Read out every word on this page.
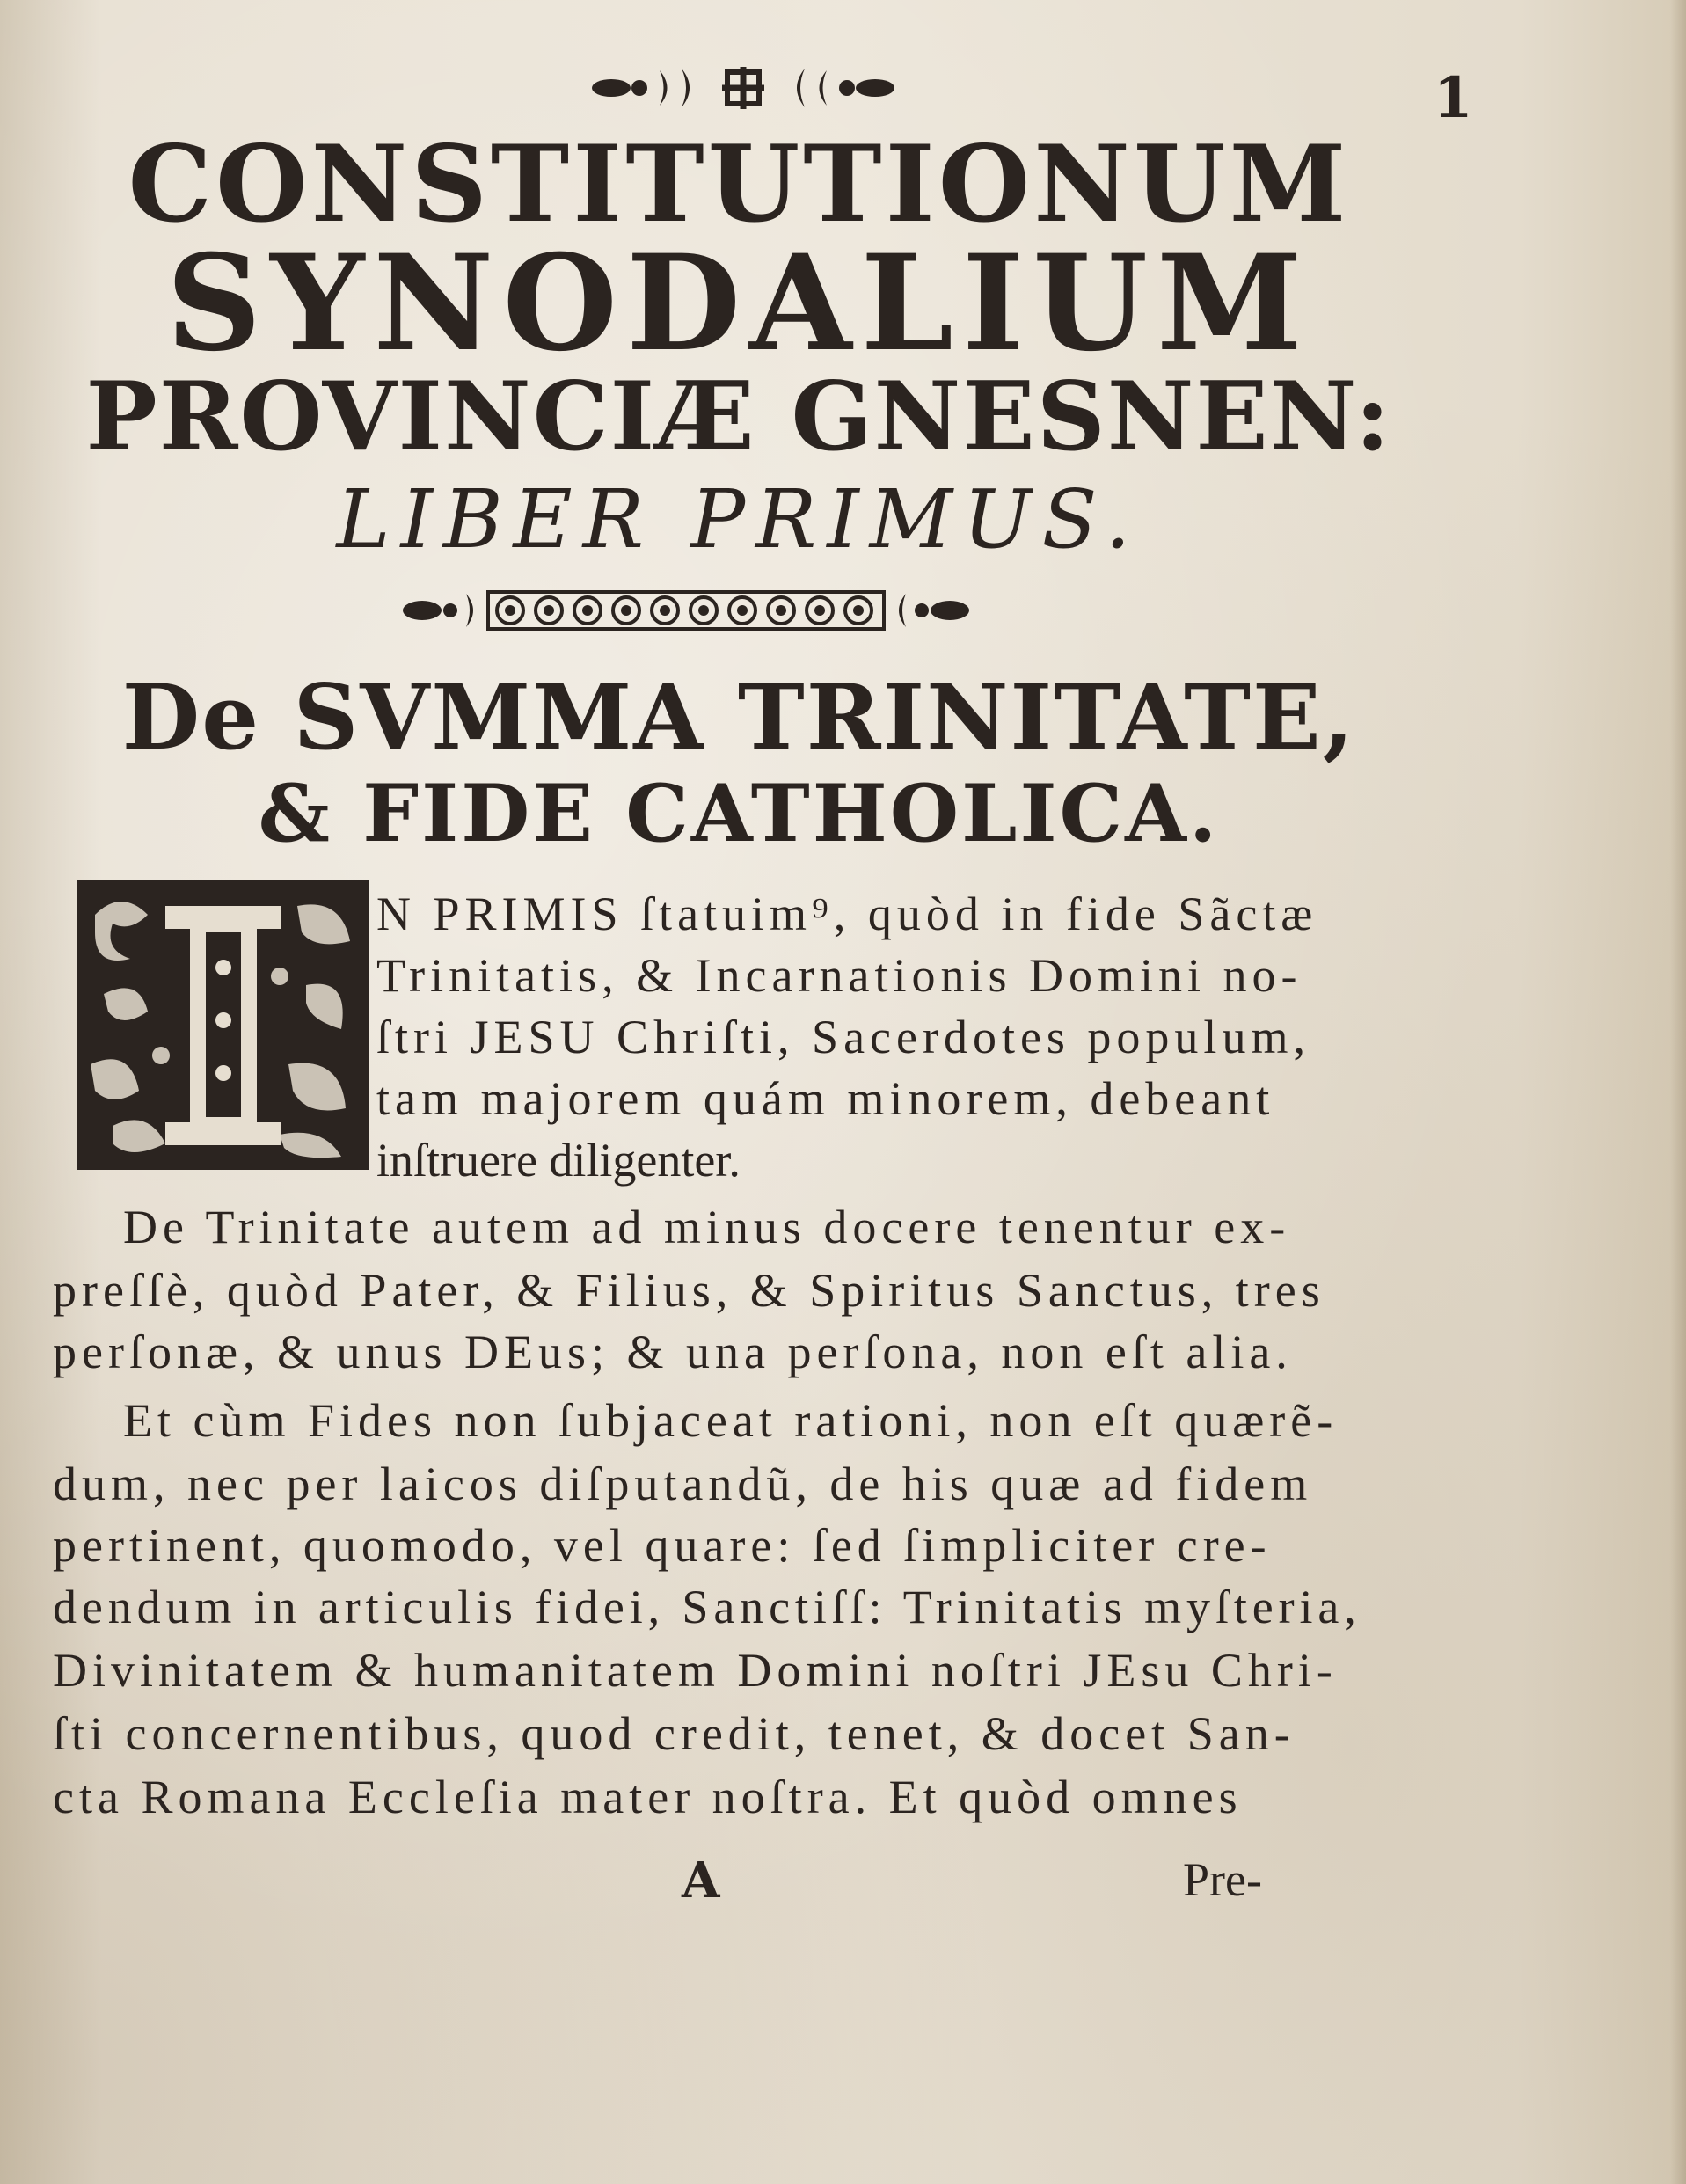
1
CONSTITUTIONUM
SYNODALIUM
PROVINCIÆ GNESNEN:
LIBER PRIMUS.
De SVMMA TRINITATE,
& FIDE CATHOLICA.
N PRIMIS ſtatuim⁹, quòd in fide Sãctæ
Trinitatis, & Incarnationis Domini no-
ſtri JESU Chriſti, Sacerdotes populum,
tam majorem quám minorem, debeant
inſtruere diligenter.
De Trinitate autem ad minus docere tenentur ex-
preſſè, quòd Pater, & Filius, & Spiritus Sanctus, tres
perſonæ, & unus DEus; & una perſona, non eſt alia.
Et cùm Fides non ſubjaceat rationi, non eſt quærẽ-
dum, nec per laicos diſputandũ, de his quæ ad fidem
pertinent, quomodo, vel quare: ſed ſimpliciter cre-
dendum in articulis fidei, Sanctiſſ: Trinitatis myſteria,
Divinitatem & humanitatem Domini noſtri JEsu Chri-
ſti concernentibus, quod credit, tenet, & docet San-
cta Romana Eccleſia mater noſtra. Et quòd omnes
A	Pre-
